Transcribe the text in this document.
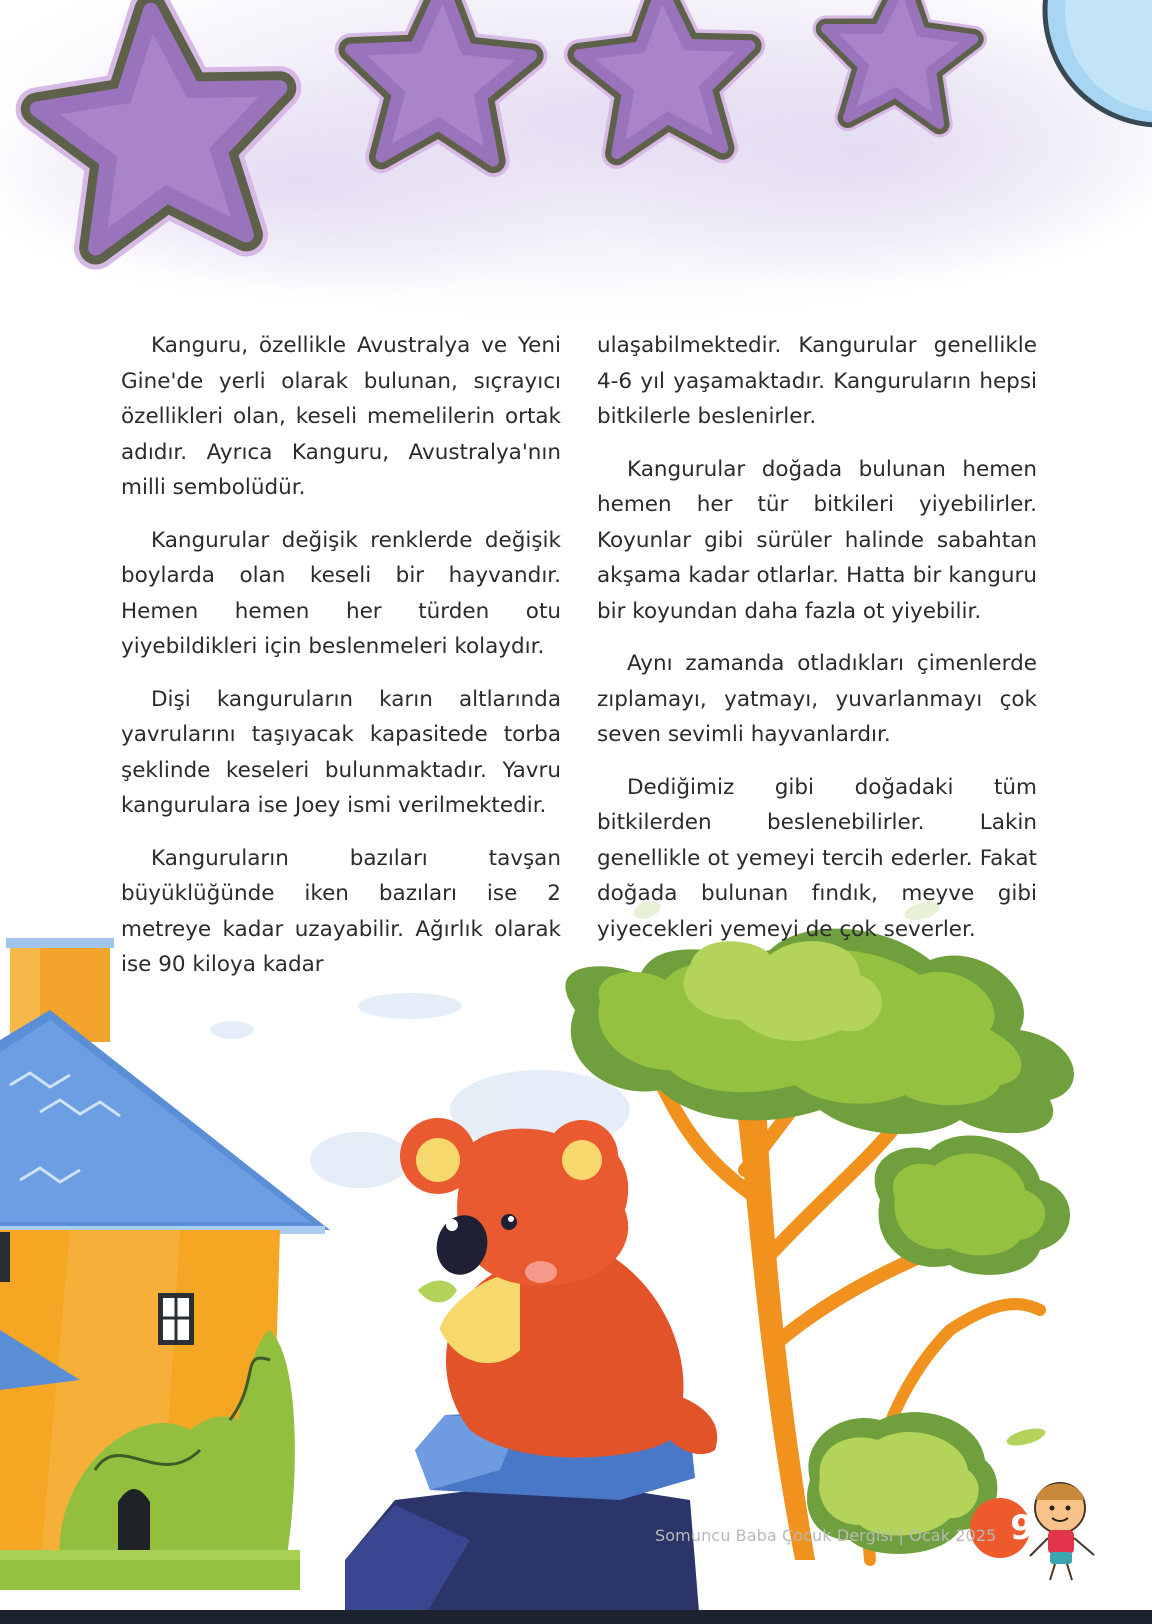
Kanguru, özellikle Avustralya ve Yeni Gine'de yerli olarak bulunan, sıçrayıcı özellikleri olan, keseli memelilerin ortak adıdır. Ayrıca Kanguru, Avustralya'nın milli sembolüdür.

Kangurular değişik renklerde değişik boylarda olan keseli bir hayvandır. Hemen hemen her türden otu yiyebildikleri için beslenmeleri kolaydır.

Dişi kanguruların karın altlarında yavrularını taşıyacak kapasitede torba şeklinde keseleri bulunmaktadır. Yavru kangurulara ise Joey ismi verilmektedir.

Kanguruların bazıları tavşan büyüklüğünde iken bazıları ise 2 metreye kadar uzayabilir. Ağırlık olarak ise 90 kiloya kadar

ulaşabilmektedir. Kangurular genellikle 4-6 yıl yaşamaktadır. Kanguruların hepsi bitkilerle beslenirler.

Kangurular doğada bulunan hemen hemen her tür bitkileri yiyebilirler. Koyunlar gibi sürüler halinde sabahtan akşama kadar otlarlar. Hatta bir kanguru bir koyundan daha fazla ot yiyebilir.

Aynı zamanda otladıkları çimenlerde zıplamayı, yatmayı, yuvarlanmayı çok seven sevimli hayvanlardır.

Dediğimiz gibi doğadaki tüm bitkilerden beslenebilirler. Lakin genellikle ot yemeyi tercih ederler. Fakat doğada bulunan fındık, meyve gibi yiyecekleri yemeyi de çok severler.

Somuncu Baba Çocuk Dergisi | Ocak 2025 9
